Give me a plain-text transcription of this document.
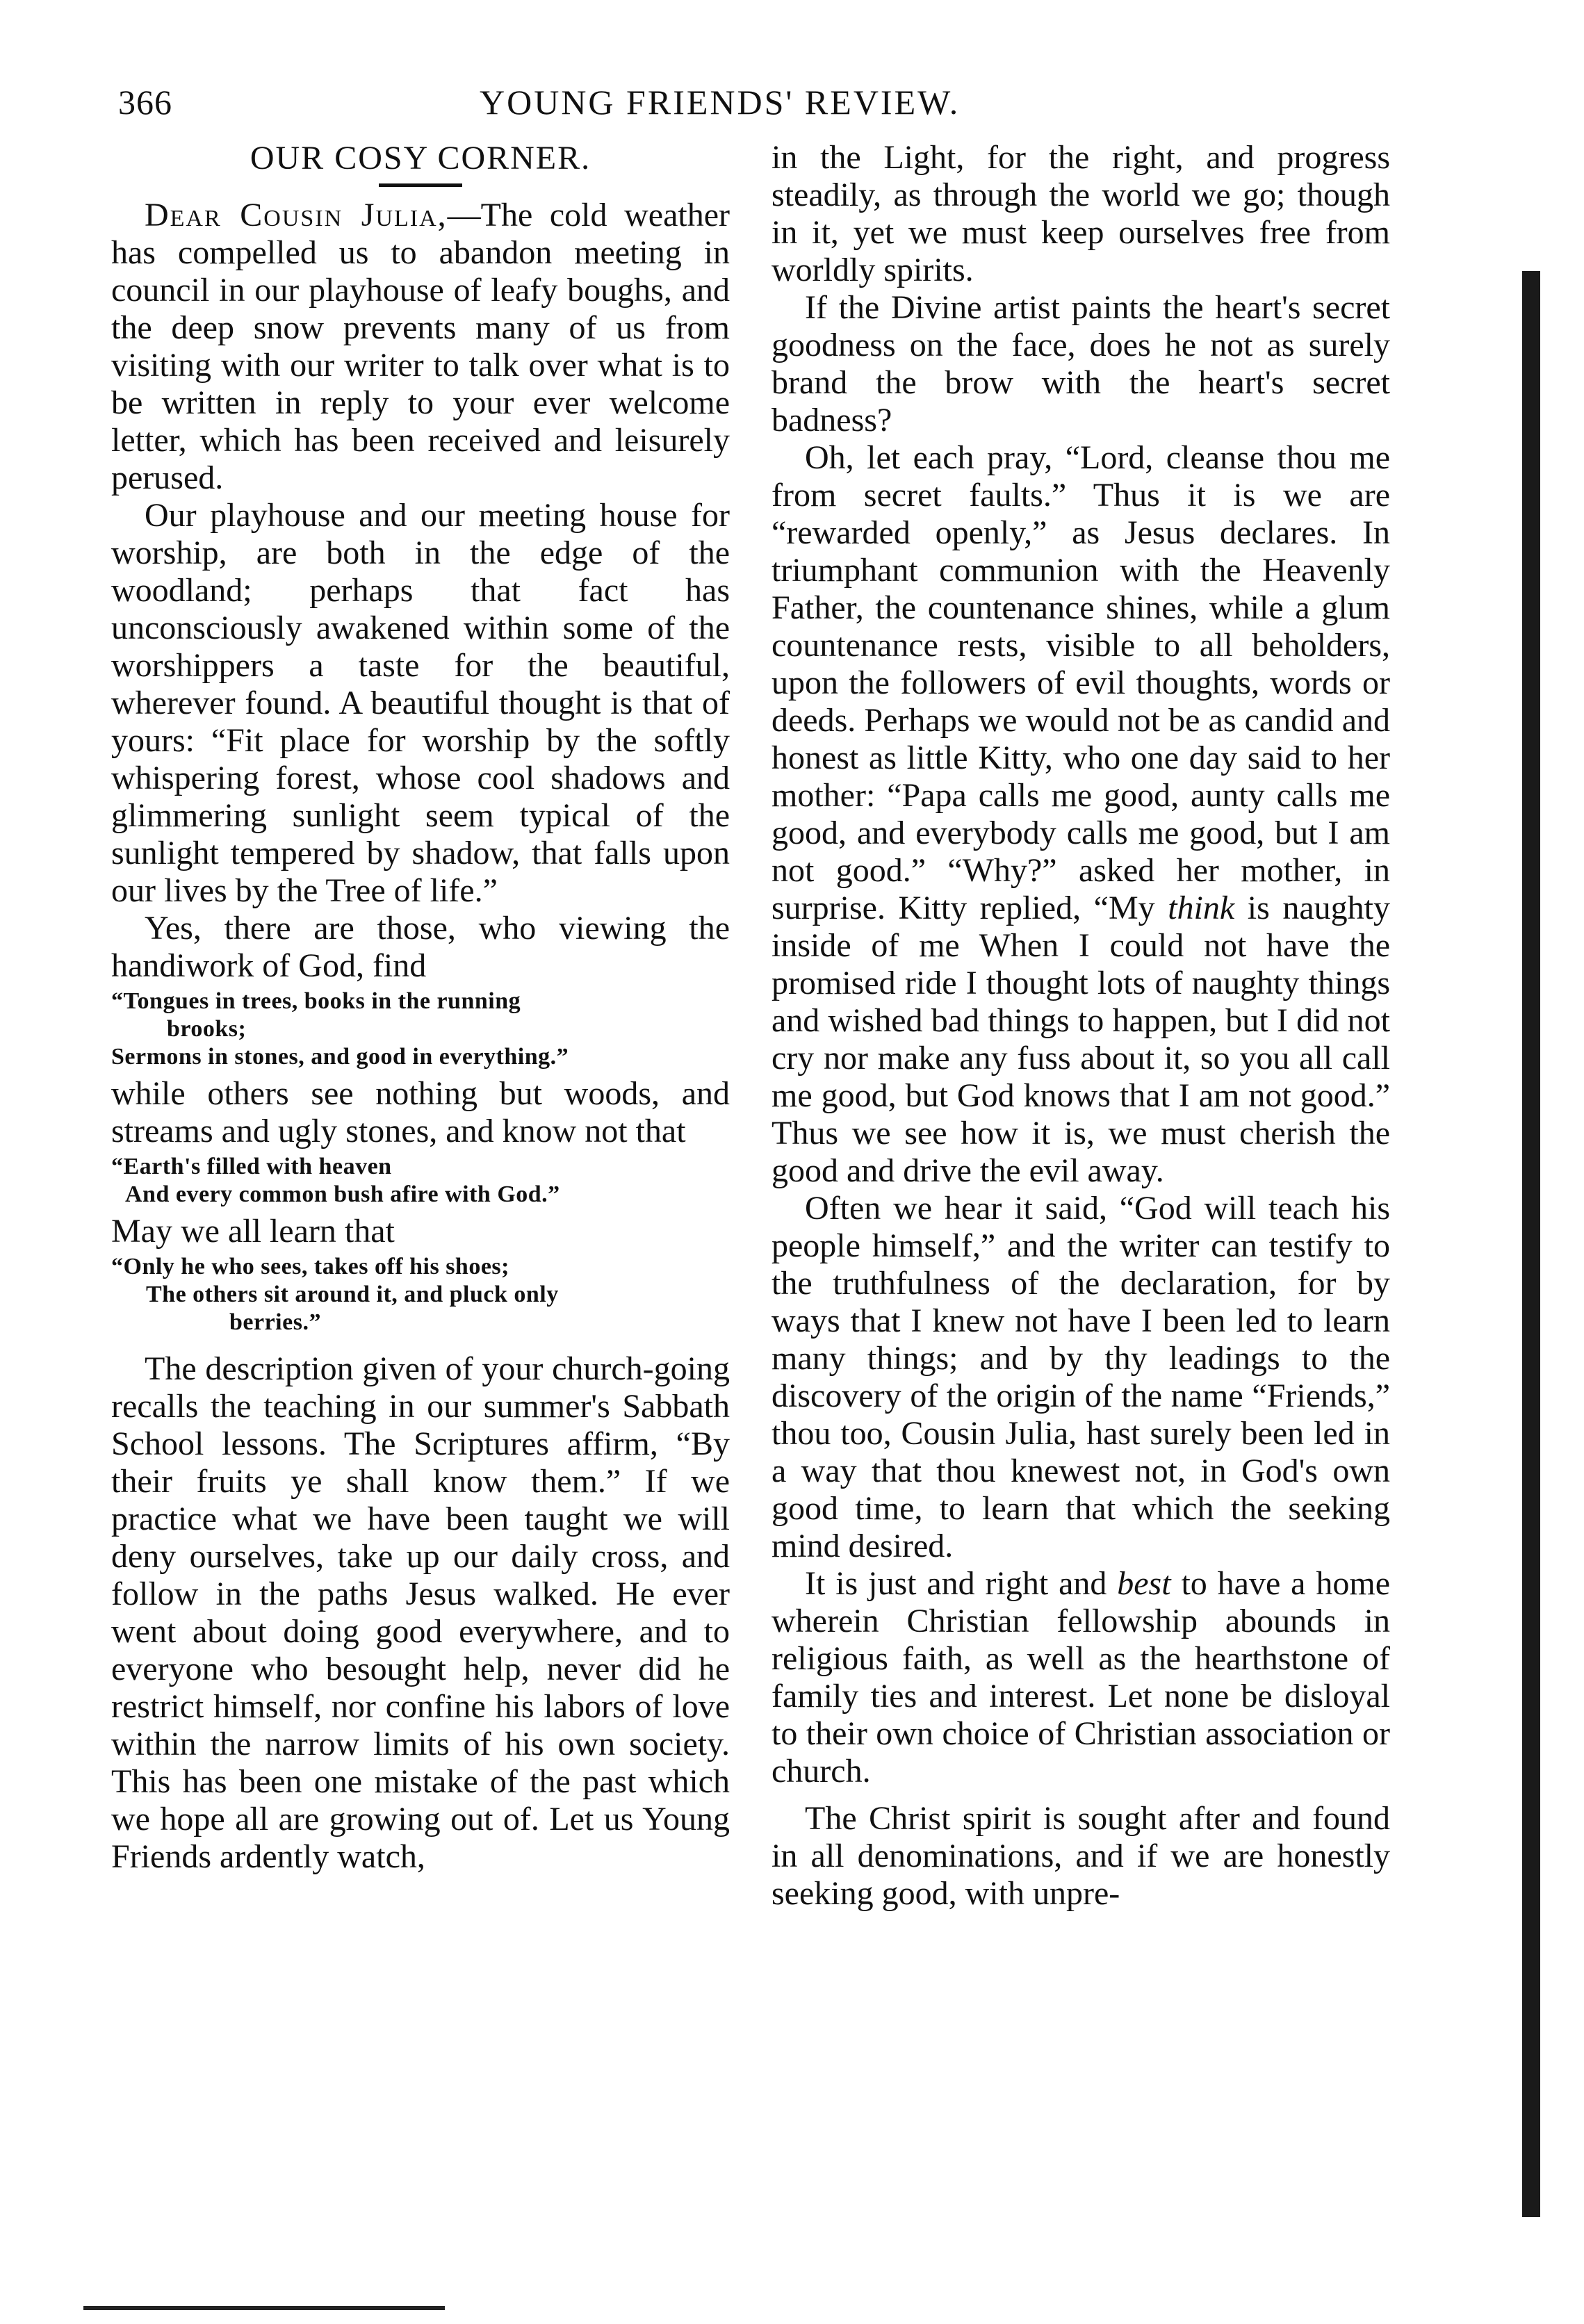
366	YOUNG FRIENDS' REVIEW.
OUR COSY CORNER.

Dear Cousin Julia,—The cold weather has compelled us to abandon meeting in council in our playhouse of leafy boughs, and the deep snow prevents many of us from visiting with our writer to talk over what is to be written in reply to your ever welcome letter, which has been received and leisurely perused.

Our playhouse and our meeting house for worship, are both in the edge of the woodland; perhaps that fact has unconsciously awakened within some of the worshippers a taste for the beautiful, wherever found. A beautiful thought is that of yours: “Fit place for worship by the softly whispering forest, whose cool shadows and glimmering sunlight seem typical of the sunlight tempered by shadow, that falls upon our lives by the Tree of life.”

Yes, there are those, who viewing the handiwork of God, find

“Tongues in trees, books in the running
brooks;
Sermons in stones, and good in everything.”

while others see nothing but woods, and streams and ugly stones, and know not that

“Earth's filled with heaven
And every common bush afire with God.”

May we all learn that

“Only he who sees, takes off his shoes;
The others sit around it, and pluck only
berries.”

The description given of your church-going recalls the teaching in our summer's Sabbath School lessons. The Scriptures affirm, “By their fruits ye shall know them.” If we practice what we have been taught we will deny ourselves, take up our daily cross, and follow in the paths Jesus walked. He ever went about doing good everywhere, and to everyone who besought help, never did he restrict himself, nor confine his labors of love within the narrow limits of his own society. This has been one mistake of the past which we hope all are growing out of. Let us Young Friends ardently watch,

in the Light, for the right, and progress steadily, as through the world we go; though in it, yet we must keep ourselves free from worldly spirits.

If the Divine artist paints the heart's secret goodness on the face, does he not as surely brand the brow with the heart's secret badness?

Oh, let each pray, “Lord, cleanse thou me from secret faults.” Thus it is we are “rewarded openly,” as Jesus declares. In triumphant communion with the Heavenly Father, the countenance shines, while a glum countenance rests, visible to all beholders, upon the followers of evil thoughts, words or deeds. Perhaps we would not be as candid and honest as little Kitty, who one day said to her mother: “Papa calls me good, aunty calls me good, and everybody calls me good, but I am not good.” “Why?” asked her mother, in surprise. Kitty replied, “My think is naughty inside of me When I could not have the promised ride I thought lots of naughty things and wished bad things to happen, but I did not cry nor make any fuss about it, so you all call me good, but God knows that I am not good.” Thus we see how it is, we must cherish the good and drive the evil away.

Often we hear it said, “God will teach his people himself,” and the writer can testify to the truthfulness of the declaration, for by ways that I knew not have I been led to learn many things; and by thy leadings to the discovery of the origin of the name “Friends,” thou too, Cousin Julia, hast surely been led in a way that thou knewest not, in God's own good time, to learn that which the seeking mind desired.

It is just and right and best to have a home wherein Christian fellowship abounds in religious faith, as well as the hearthstone of family ties and interest. Let none be disloyal to their own choice of Christian association or church.

The Christ spirit is sought after and found in all denominations, and if we are honestly seeking good, with unpre-
